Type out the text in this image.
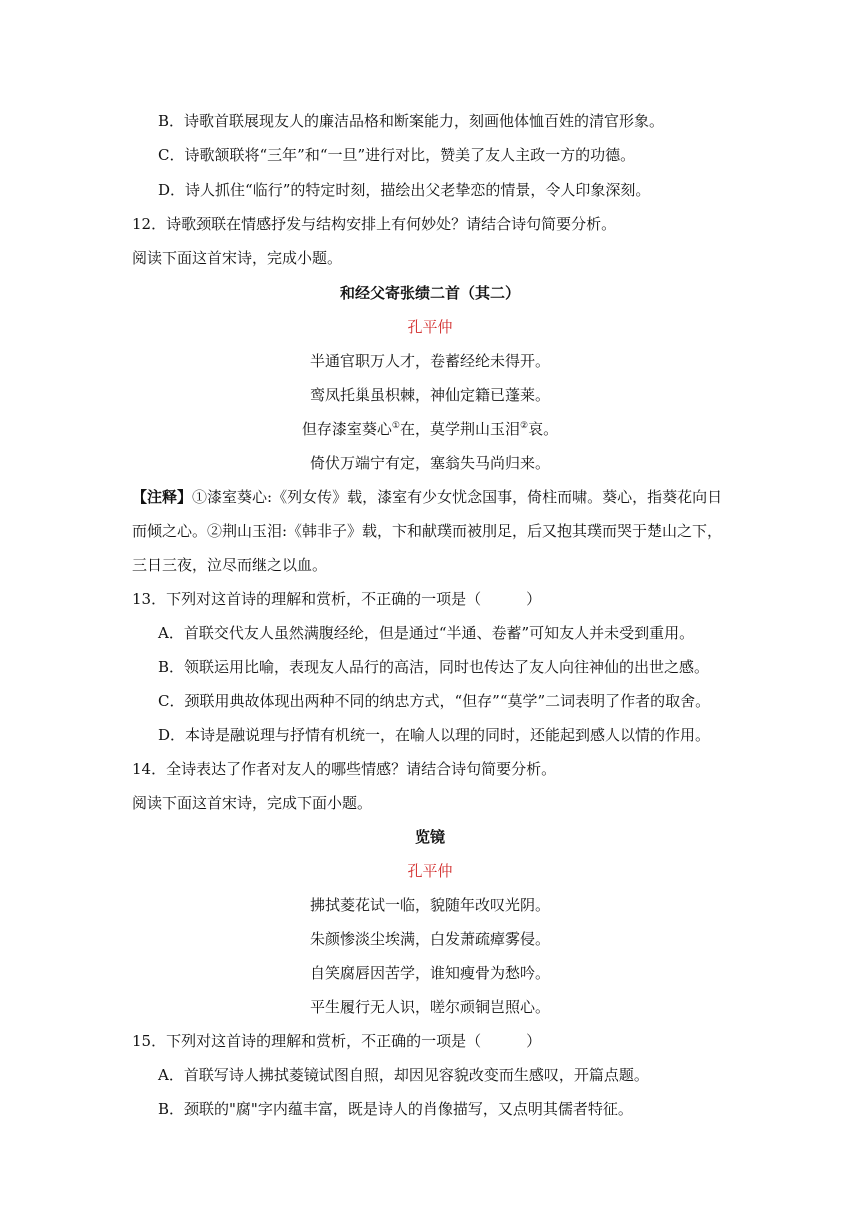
B．诗歌首联展现友人的廉洁品格和断案能力，刻画他体恤百姓的清官形象。
C．诗歌颔联将“三年”和“一旦”进行对比，赞美了友人主政一方的功德。
D．诗人抓住“临行”的特定时刻，描绘出父老挚恋的情景，令人印象深刻。
12．诗歌颈联在情感抒发与结构安排上有何妙处？请结合诗句简要分析。
阅读下面这首宋诗，完成小题。
和经父寄张绩二首（其二）
孔平仲
半通官职万人才，卷蓄经纶未得开。
鸾凤托巢虽枳棘，神仙定籍已蓬莱。
但存漆室葵心①在，莫学荆山玉泪②哀。
倚伏万端宁有定，塞翁失马尚归来。
【注释】①漆室葵心:《列女传》载，漆室有少女忧念国事，倚柱而啸。葵心，指葵花向日
而倾之心。②荆山玉泪:《韩非子》载，卞和献璞而被刖足，后又抱其璞而哭于楚山之下，
三日三夜，泣尽而继之以血。
13．下列对这首诗的理解和赏析，不正确的一项是（　　　）
A．首联交代友人虽然满腹经纶，但是通过“半通、卷蓄”可知友人并未受到重用。
B．领联运用比喻，表现友人品行的高洁，同时也传达了友人向往神仙的出世之感。
C．颈联用典故体现出两种不同的纳忠方式，“但存”“莫学”二词表明了作者的取舍。
D．本诗是融说理与抒情有机统一，在喻人以理的同时，还能起到感人以情的作用。
14．全诗表达了作者对友人的哪些情感？请结合诗句简要分析。
阅读下面这首宋诗，完成下面小题。
览镜
孔平仲
拂拭菱花试一临，貌随年改叹光阴。
朱颜惨淡尘埃满，白发萧疏瘴雾侵。
自笑腐唇因苦学，谁知瘦骨为愁吟。
平生履行无人识，嗟尔顽铜岂照心。
15．下列对这首诗的理解和赏析，不正确的一项是（　　　）
A．首联写诗人拂拭菱镜试图自照，却因见容貌改变而生感叹，开篇点题。
B．颈联的"腐"字内蕴丰富，既是诗人的肖像描写，又点明其儒者特征。
